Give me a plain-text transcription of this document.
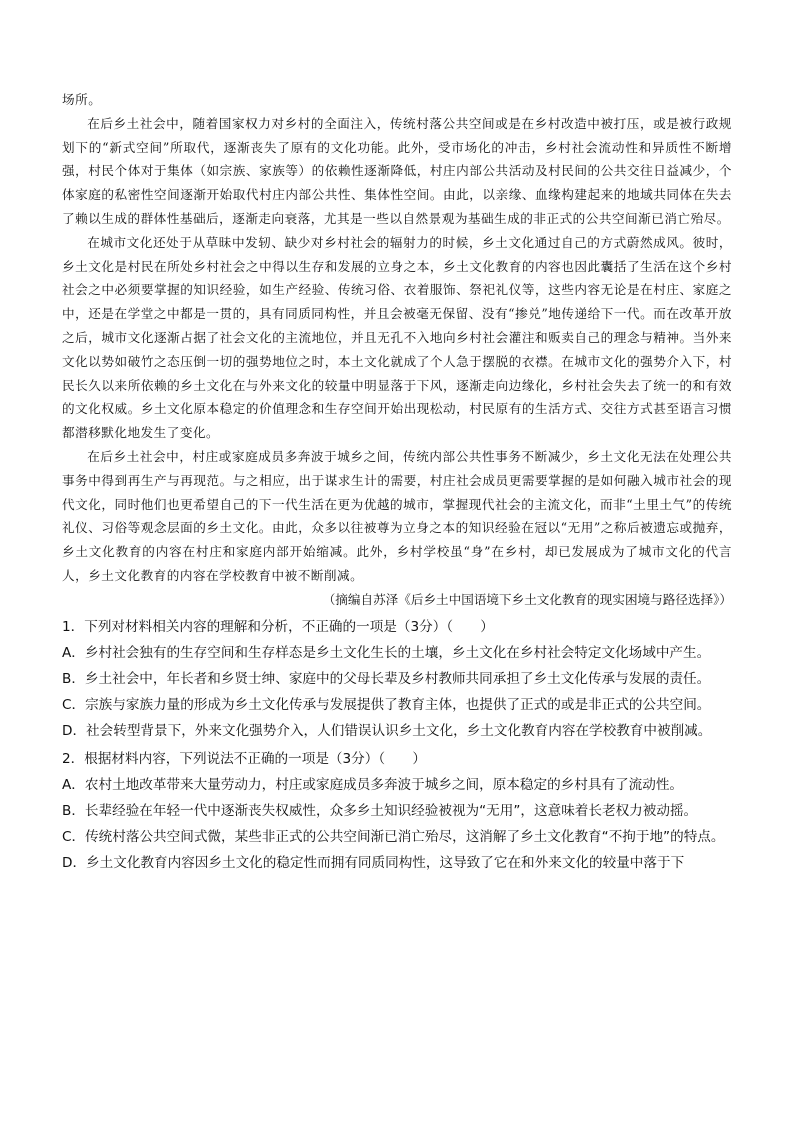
场所。

在后乡土社会中，随着国家权力对乡村的全面注入，传统村落公共空间或是在乡村改造中被打压，或是被行政规划下的“新式空间”所取代，逐渐丧失了原有的文化功能。此外，受市场化的冲击，乡村社会流动性和异质性不断增强，村民个体对于集体（如宗族、家族等）的依赖性逐渐降低，村庄内部公共活动及村民间的公共交往日益减少，个体家庭的私密性空间逐渐开始取代村庄内部公共性、集体性空间。由此，以亲缘、血缘构建起来的地域共同体在失去了赖以生成的群体性基础后，逐渐走向衰落，尤其是一些以自然景观为基础生成的非正式的公共空间渐已消亡殆尽。

在城市文化还处于从草昧中发轫、缺少对乡村社会的辐射力的时候，乡土文化通过自己的方式蔚然成风。彼时，乡土文化是村民在所处乡村社会之中得以生存和发展的立身之本，乡土文化教育的内容也因此囊括了生活在这个乡村社会之中必须要掌握的知识经验，如生产经验、传统习俗、衣着服饰、祭祀礼仪等，这些内容无论是在村庄、家庭之中，还是在学堂之中都是一贯的，具有同质同构性，并且会被毫无保留、没有“掺兑”地传递给下一代。而在改革开放之后，城市文化逐渐占据了社会文化的主流地位，并且无孔不入地向乡村社会灌注和贩卖自己的理念与精神。当外来文化以势如破竹之态压倒一切的强势地位之时，本土文化就成了个人急于摆脱的衣襟。在城市文化的强势介入下，村民长久以来所依赖的乡土文化在与外来文化的较量中明显落于下风，逐渐走向边缘化，乡村社会失去了统一的和有效的文化权威。乡土文化原本稳定的价值理念和生存空间开始出现松动，村民原有的生活方式、交往方式甚至语言习惯都潜移默化地发生了变化。

在后乡土社会中，村庄或家庭成员多奔波于城乡之间，传统内部公共性事务不断减少，乡土文化无法在处理公共事务中得到再生产与再现范。与之相应，出于谋求生计的需要，村庄社会成员更需要掌握的是如何融入城市社会的现代文化，同时他们也更希望自己的下一代生活在更为优越的城市，掌握现代社会的主流文化，而非“土里土气”的传统礼仪、习俗等观念层面的乡土文化。由此，众多以往被尊为立身之本的知识经验在冠以“无用”之称后被遗忘或抛弃，乡土文化教育的内容在村庄和家庭内部开始缩减。此外，乡村学校虽“身”在乡村，却已发展成为了城市文化的代言人，乡土文化教育的内容在学校教育中被不断削减。

（摘编自苏泽《后乡土中国语境下乡土文化教育的现实困境与路径选择》）

1．下列对材料相关内容的理解和分析，不正确的一项是（3分）（　　）

A．乡村社会独有的生存空间和生存样态是乡土文化生长的土壤，乡土文化在乡村社会特定文化场域中产生。

B．乡土社会中，年长者和乡贤士绅、家庭中的父母长辈及乡村教师共同承担了乡土文化传承与发展的责任。

C．宗族与家族力量的形成为乡土文化传承与发展提供了教育主体，也提供了正式的或是非正式的公共空间。

D．社会转型背景下，外来文化强势介入，人们错误认识乡土文化，乡土文化教育内容在学校教育中被削减。

2．根据材料内容，下列说法不正确的一项是（3分）（　　）

A．农村土地改革带来大量劳动力，村庄或家庭成员多奔波于城乡之间，原本稳定的乡村具有了流动性。

B．长辈经验在年轻一代中逐渐丧失权威性，众多乡土知识经验被视为“无用”，这意味着长老权力被动摇。

C．传统村落公共空间式微，某些非正式的公共空间渐已消亡殆尽，这消解了乡土文化教育“不拘于地”的特点。

D．乡土文化教育内容因乡土文化的稳定性而拥有同质同构性，这导致了它在和外来文化的较量中落于下
